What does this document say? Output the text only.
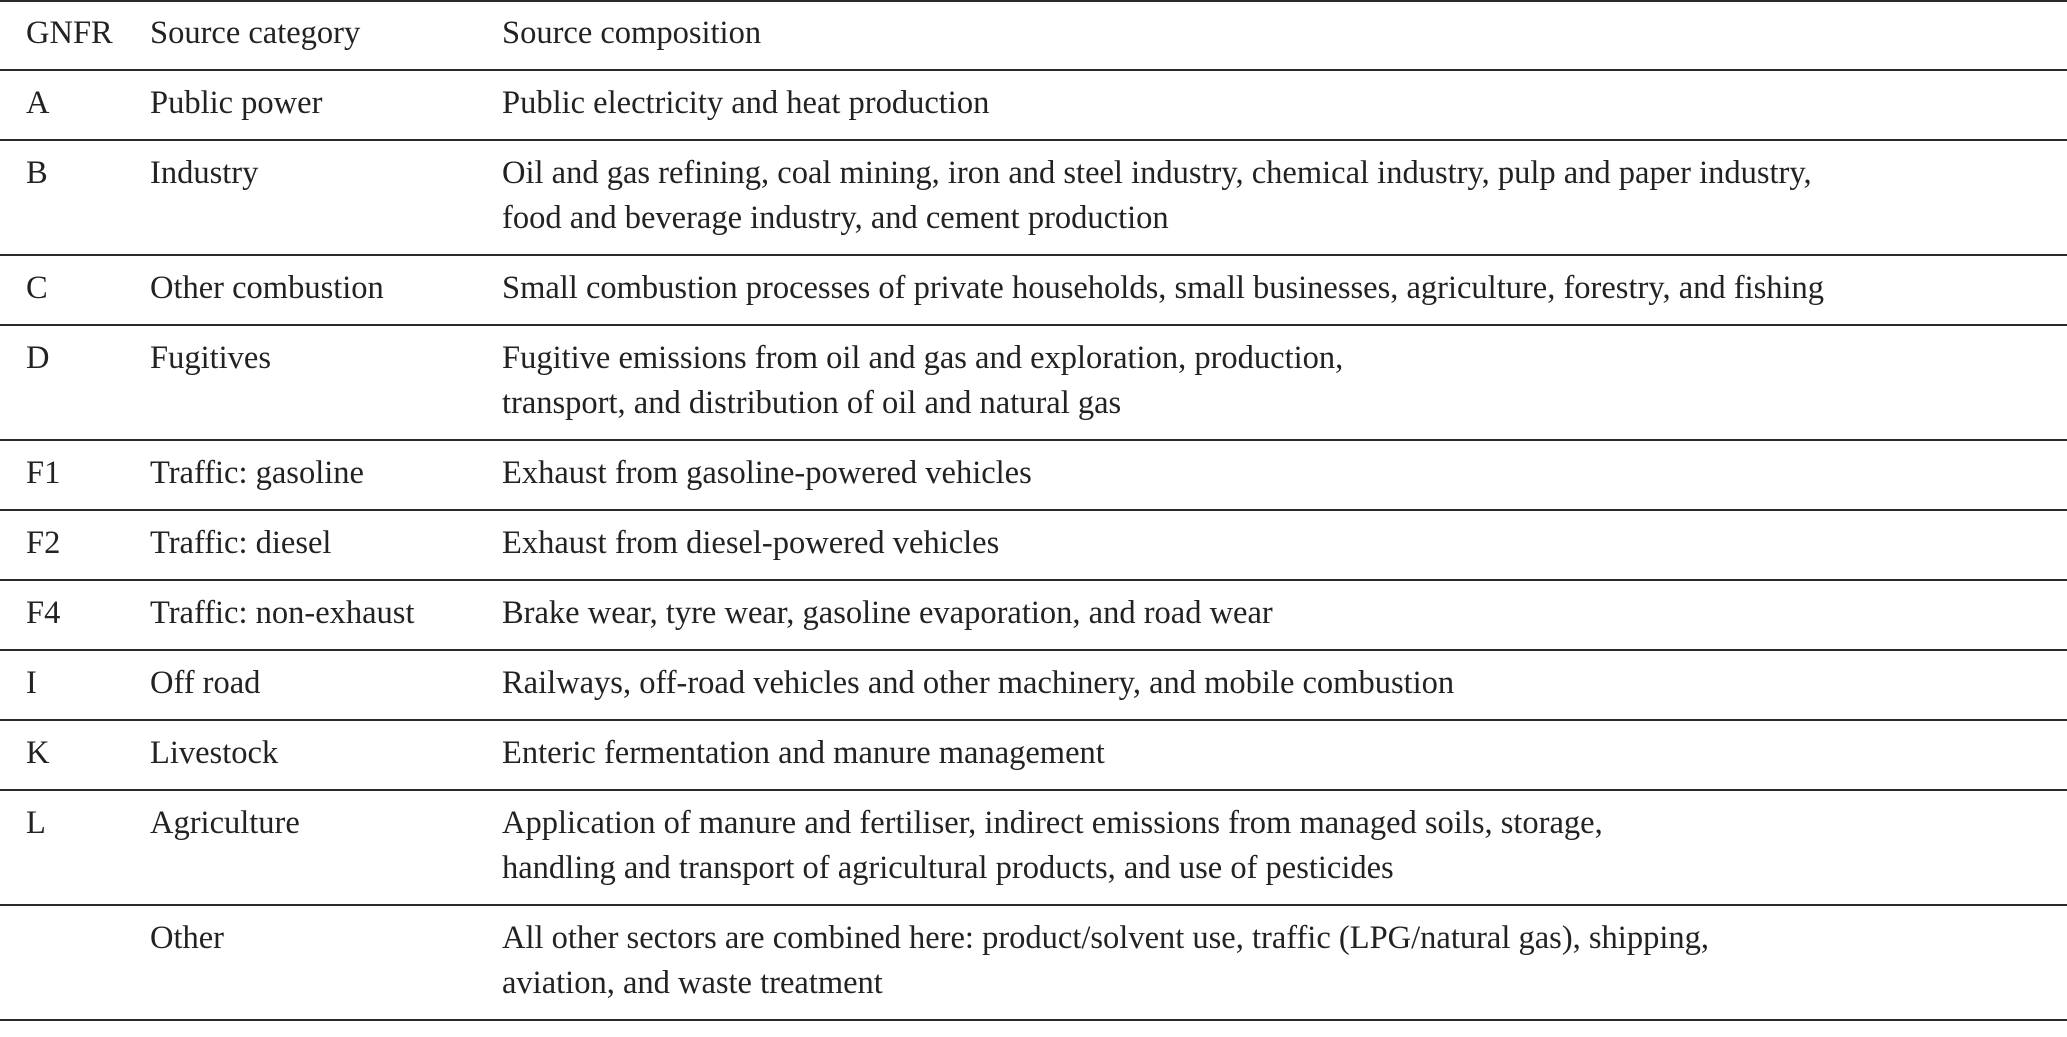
GNFR	Source category	Source composition
A	Public power	Public electricity and heat production

B	Industry	Oil and gas refining, coal mining, iron and steel industry, chemical industry, pulp and paper industry,
food and beverage industry, and cement production

C	Other combustion	Small combustion processes of private households, small businesses, agriculture, forestry, and fishing

D	Fugitives	Fugitive emissions from oil and gas and exploration, production,
transport, and distribution of oil and natural gas

F1	Traffic: gasoline	Exhaust from gasoline-powered vehicles

F2	Traffic: diesel	Exhaust from diesel-powered vehicles

F4	Traffic: non-exhaust	Brake wear, tyre wear, gasoline evaporation, and road wear

I	Off road	Railways, off-road vehicles and other machinery, and mobile combustion

K	Livestock	Enteric fermentation and manure management

L	Agriculture	Application of manure and fertiliser, indirect emissions from managed soils, storage,
handling and transport of agricultural products, and use of pesticides

	Other	All other sectors are combined here: product/solvent use, traffic (LPG/natural gas), shipping,
aviation, and waste treatment
